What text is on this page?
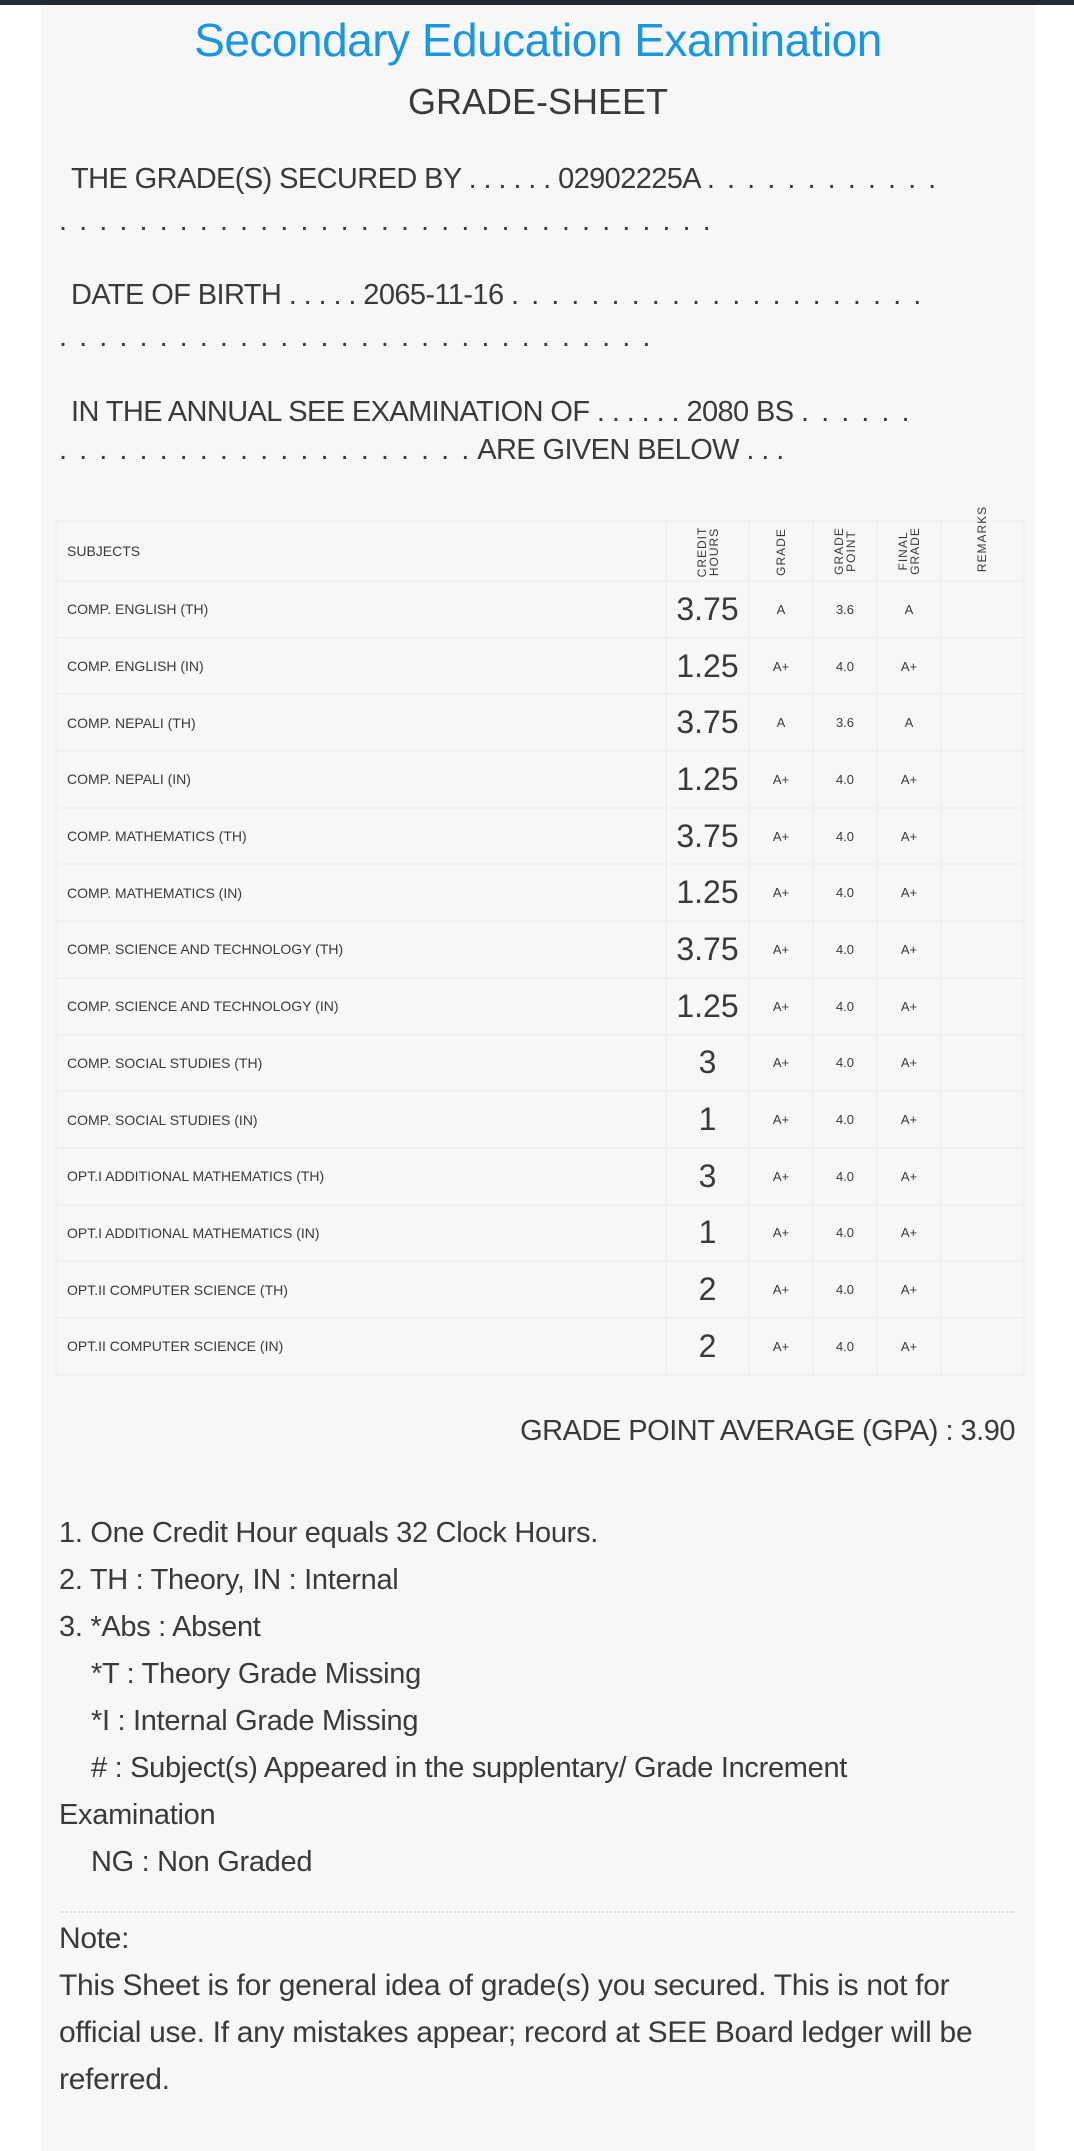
Secondary Education Examination
GRADE-SHEET
THE GRADE(S) SECURED BY . . . . . . 02902225A . . . . . . . . . . . .
. . . . . . . . . . . . . . . . . . . . . . . . . . . . . . . . .
DATE OF BIRTH . . . . . 2065-11-16 . . . . . . . . . . . . . . . . . . . . .
. . . . . . . . . . . . . . . . . . . . . . . . . . . . . .
IN THE ANNUAL SEE EXAMINATION OF . . . . . . 2080 BS . . . . . .
. . . . . . . . . . . . . . . . . . . . . ARE GIVEN BELOW . . .
SUBJECTS	CREDIT HOURS	GRADE	GRADE POINT	FINAL GRADE	REMARKS
COMP. ENGLISH (TH)	3.75	A	3.6	A	
COMP. ENGLISH (IN)	1.25	A+	4.0	A+	
COMP. NEPALI (TH)	3.75	A	3.6	A	
COMP. NEPALI (IN)	1.25	A+	4.0	A+	
COMP. MATHEMATICS (TH)	3.75	A+	4.0	A+	
COMP. MATHEMATICS (IN)	1.25	A+	4.0	A+	
COMP. SCIENCE AND TECHNOLOGY (TH)	3.75	A+	4.0	A+	
COMP. SCIENCE AND TECHNOLOGY (IN)	1.25	A+	4.0	A+	
COMP. SOCIAL STUDIES (TH)	3	A+	4.0	A+	
COMP. SOCIAL STUDIES (IN)	1	A+	4.0	A+	
OPT.I ADDITIONAL MATHEMATICS (TH)	3	A+	4.0	A+	
OPT.I ADDITIONAL MATHEMATICS (IN)	1	A+	4.0	A+	
OPT.II COMPUTER SCIENCE (TH)	2	A+	4.0	A+	
OPT.II COMPUTER SCIENCE (IN)	2	A+	4.0	A+	
GRADE POINT AVERAGE (GPA) : 3.90
1. One Credit Hour equals 32 Clock Hours.
2. TH : Theory, IN : Internal
3. *Abs : Absent
*T : Theory Grade Missing
*I : Internal Grade Missing
# : Subject(s) Appeared in the supplentary/ Grade Increment
Examination
NG : Non Graded
Note:
This Sheet is for general idea of grade(s) you secured. This is not for official use. If any mistakes appear; record at SEE Board ledger will be referred.
